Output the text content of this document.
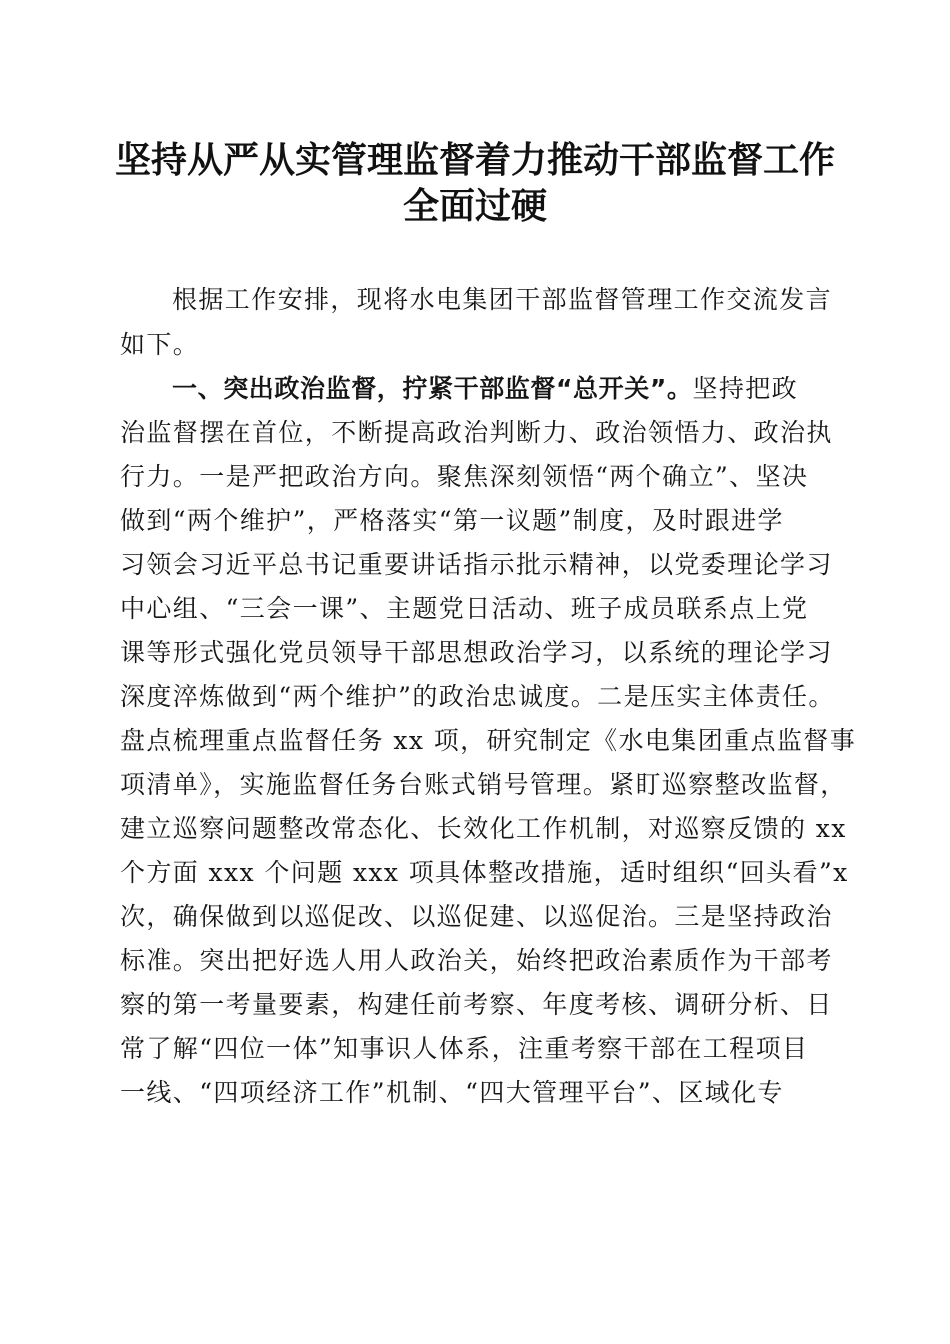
坚持从严从实管理监督着力推动干部监督工作
全面过硬
根据工作安排，现将水电集团干部监督管理工作交流发言
如下。
一、突出政治监督，拧紧干部监督“总开关”。坚持把政
治监督摆在首位，不断提高政治判断力、政治领悟力、政治执
行力。一是严把政治方向。聚焦深刻领悟“两个确立”、坚决
做到“两个维护”，严格落实“第一议题”制度，及时跟进学
习领会习近平总书记重要讲话指示批示精神，以党委理论学习
中心组、“三会一课”、主题党日活动、班子成员联系点上党
课等形式强化党员领导干部思想政治学习，以系统的理论学习
深度淬炼做到“两个维护”的政治忠诚度。二是压实主体责任。
盘点梳理重点监督任务 xx 项，研究制定《水电集团重点监督事
项清单》，实施监督任务台账式销号管理。紧盯巡察整改监督，
建立巡察问题整改常态化、长效化工作机制，对巡察反馈的 xx
个方面 xxx 个问题 xxx 项具体整改措施，适时组织“回头看”x
次，确保做到以巡促改、以巡促建、以巡促治。三是坚持政治
标准。突出把好选人用人政治关，始终把政治素质作为干部考
察的第一考量要素，构建任前考察、年度考核、调研分析、日
常了解“四位一体”知事识人体系，注重考察干部在工程项目
一线、“四项经济工作”机制、“四大管理平台”、区域化专
